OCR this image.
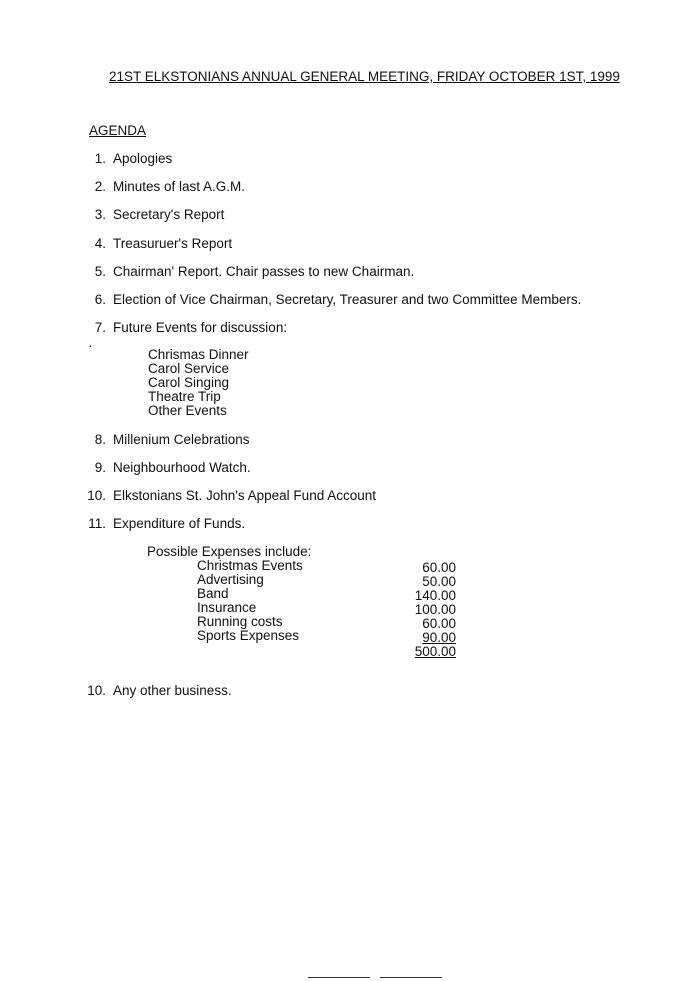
21ST ELKSTONIANS ANNUAL GENERAL MEETING, FRIDAY OCTOBER 1ST, 1999
AGENDA
1. Apologies
2. Minutes of last A.G.M.
3. Secretary's Report
4. Treasuruer's Report
5. Chairman' Report. Chair passes to new Chairman.
6. Election of Vice Chairman, Secretary, Treasurer and two Committee Members.
7. Future Events for discussion:
·
Chrismas Dinner
Carol Service
Carol Singing
Theatre Trip
Other Events
8. Millenium Celebrations
9. Neighbourhood Watch.
10. Elkstonians St. John's Appeal Fund Account
11. Expenditure of Funds.
Possible Expenses include:
Christmas Events
Advertising
Band
Insurance
Running costs
Sports Expenses
60.00
50.00
140.00
100.00
60.00
90.00
500.00
10. Any other business.
